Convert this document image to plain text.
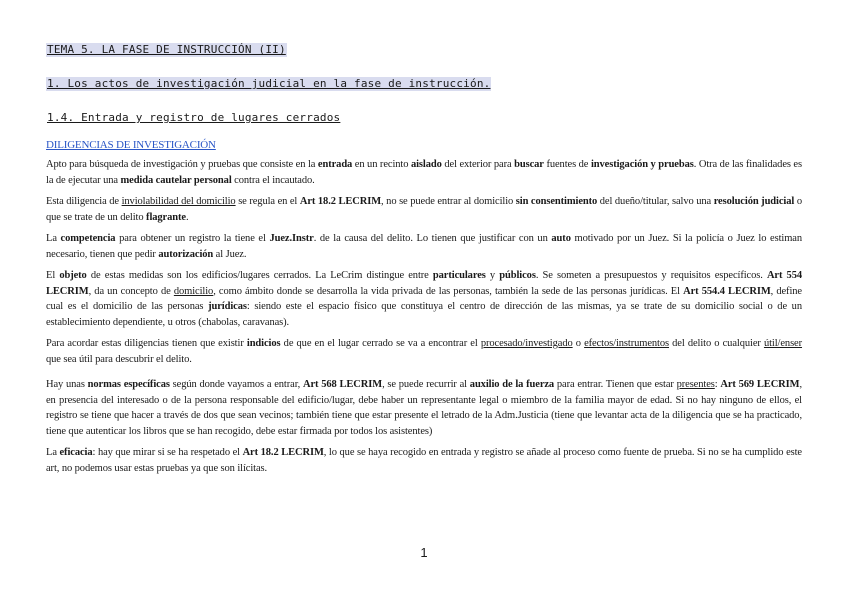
TEMA 5. LA FASE DE INSTRUCCIÓN (II)
1. Los actos de investigación judicial en la fase de instrucción.
1.4. Entrada y registro de lugares cerrados
DILIGENCIAS DE INVESTIGACIÓN

Apto para búsqueda de investigación y pruebas que consiste en la entrada en un recinto aislado del exterior para buscar fuentes de investigación y pruebas. Otra de las finalidades es la de ejecutar una medida cautelar personal contra el incautado.

Esta diligencia de inviolabilidad del domicilio se regula en el Art 18.2 LECRIM, no se puede entrar al domicilio sin consentimiento del dueño/titular, salvo una resolución judicial o que se trate de un delito flagrante.

La competencia para obtener un registro la tiene el Juez.Instr. de la causa del delito. Lo tienen que justificar con un auto motivado por un Juez. Si la policía o Juez lo estiman necesario, tienen que pedir autorización al Juez.

El objeto de estas medidas son los edificios/lugares cerrados. La LeCrim distingue entre particulares y públicos. Se someten a presupuestos y requisitos específicos. Art 554 LECRIM, da un concepto de domicilio, como ámbito donde se desarrolla la vida privada de las personas, también la sede de las personas jurídicas. El Art 554.4 LECRIM, define cual es el domicilio de las personas jurídicas: siendo este el espacio físico que constituya el centro de dirección de las mismas, ya se trate de su domicilio social o de un establecimiento dependiente, u otros (chabolas, caravanas).

Para acordar estas diligencias tienen que existir indicios de que en el lugar cerrado se va a encontrar el procesado/investigado o efectos/instrumentos del delito o cualquier útil/enser que sea útil para descubrir el delito.

Hay unas normas específicas según donde vayamos a entrar, Art 568 LECRIM, se puede recurrir al auxilio de la fuerza para entrar. Tienen que estar presentes: Art 569 LECRIM, en presencia del interesado o de la persona responsable del edificio/lugar, debe haber un representante legal o miembro de la familia mayor de edad. Si no hay ninguno de ellos, el registro se tiene que hacer a través de dos que sean vecinos; también tiene que estar presente el letrado de la Adm.Justicia (tiene que levantar acta de la diligencia que se ha practicado, tiene que autenticar los libros que se han recogido, debe estar firmada por todos los asistentes)

La eficacia: hay que mirar si se ha respetado el Art 18.2 LECRIM, lo que se haya recogido en entrada y registro se añade al proceso como fuente de prueba. Si no se ha cumplido este art, no podemos usar estas pruebas ya que son ilícitas.

1
